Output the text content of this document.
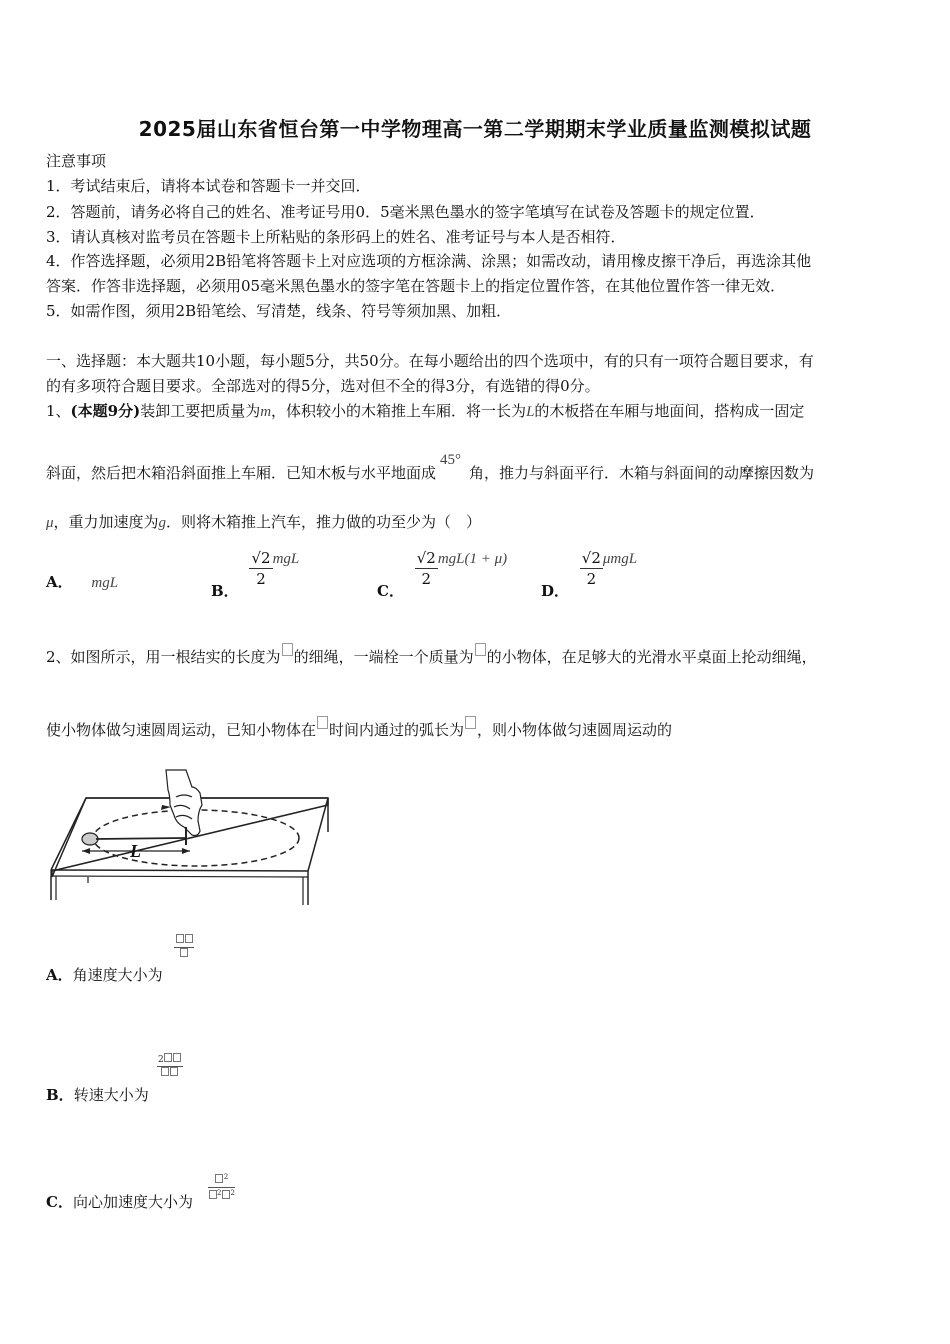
2025届山东省恒台第一中学物理高一第二学期期末学业质量监测模拟试题
注意事项
1．考试结束后，请将本试卷和答题卡一并交回．
2．答题前，请务必将自己的姓名、准考证号用0．5毫米黑色墨水的签字笔填写在试卷及答题卡的规定位置．
3．请认真核对监考员在答题卡上所粘贴的条形码上的姓名、准考证号与本人是否相符．
4．作答选择题，必须用2B铅笔将答题卡上对应选项的方框涂满、涂黑；如需改动，请用橡皮擦干净后，再选涂其他
答案．作答非选择题，必须用05毫米黑色墨水的签字笔在答题卡上的指定位置作答，在其他位置作答一律无效．
5．如需作图，须用2B铅笔绘、写清楚，线条、符号等须加黑、加粗．
一、选择题：本大题共10小题，每小题5分，共50分。在每小题给出的四个选项中，有的只有一项符合题目要求，有
的有多项符合题目要求。全部选对的得5分，选对但不全的得3分，有选错的得0分。
1、(本题9分)装卸工要把质量为m，体积较小的木箱推上车厢．将一长为L的木板搭在车厢与地面间，搭构成一固定
斜面，然后把木箱沿斜面推上车厢．已知木板与水平地面成45°角，推力与斜面平行．木箱与斜面间的动摩擦因数为
μ，重力加速度为g．则将木箱推上汽车，推力做的功至少为（　）
A． mgL	B．
$\frac{√2}{2}$ mgL
C．
$\frac{√2}{2} mgL(1 + \mu)$
D．
$\frac{√2}{2}$ μmgL
2、如图所示，用一根结实的长度为 的细绳，一端栓一个质量为 的小物体，在足够大的光滑水平桌面上抡动细绳，
使小物体做匀速圆周运动，已知小物体在 时间内通过的弧长为 ，则小物体做匀速圆周运动的
L
A．角速度大小为
B．转速大小为
2
C．向心加速度大小为 $\frac{^2}{^2 ^2}$
